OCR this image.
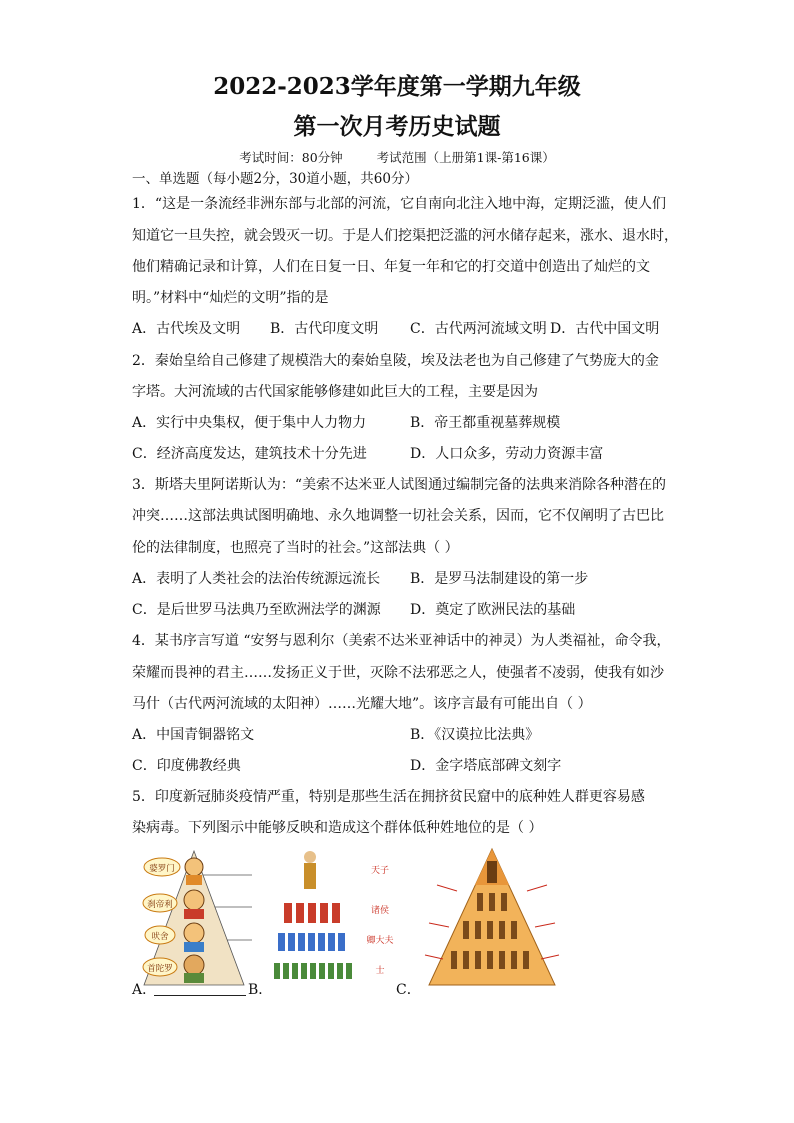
2022-2023学年度第一学期九年级
第一次月考历史试题
考试时间：80分钟	考试范围（上册第1课-第16课）
一、单选题（每小题2分，30道小题，共60分）
1．“这是一条流经非洲东部与北部的河流，它自南向北注入地中海，定期泛滥，使人们
知道它一旦失控，就会毁灭一切。于是人们挖渠把泛滥的河水储存起来，涨水、退水时，
他们精确记录和计算，人们在日复一日、年复一年和它的打交道中创造出了灿烂的文
明。”材料中“灿烂的文明”指的是
A．古代埃及文明 B．古代印度文明 C．古代两河流域文明 D．古代中国文明
2．秦始皇给自己修建了规模浩大的秦始皇陵，埃及法老也为自己修建了气势庞大的金
字塔。大河流域的古代国家能够修建如此巨大的工程，主要是因为
A．实行中央集权，便于集中人力物力	B．帝王都重视墓葬规模
C．经济高度发达，建筑技术十分先进	D．人口众多，劳动力资源丰富
3．斯塔夫里阿诺斯认为：“美索不达米亚人试图通过编制完备的法典来消除各种潜在的
冲突……这部法典试图明确地、永久地调整一切社会关系，因而，它不仅阐明了古巴比
伦的法律制度，也照亮了当时的社会。”这部法典（ ）
A．表明了人类社会的法治传统源远流长 B．是罗马法制建设的第一步
C．是后世罗马法典乃至欧洲法学的渊源 D．奠定了欧洲民法的基础
4．某书序言写道 “安努与恩利尔（美索不达米亚神话中的神灵）为人类福祉，命令我，
荣耀而畏神的君主……发扬正义于世，灭除不法邪恶之人，使强者不凌弱，使我有如沙
马什（古代两河流域的太阳神）……光耀大地”。该序言最有可能出自（ ）
A．中国青铜器铭文	B．《汉谟拉比法典》
C．印度佛教经典	D．金字塔底部碑文刻字
5．印度新冠肺炎疫情严重，特别是那些生活在拥挤贫民窟中的底种姓人群更容易感
染病毒。下列图示中能够反映和造成这个群体低种姓地位的是（ ）
婆罗门
刹帝利
吠舍
首陀罗
天子
诸侯
卿大夫
士
A．	B．	C．
